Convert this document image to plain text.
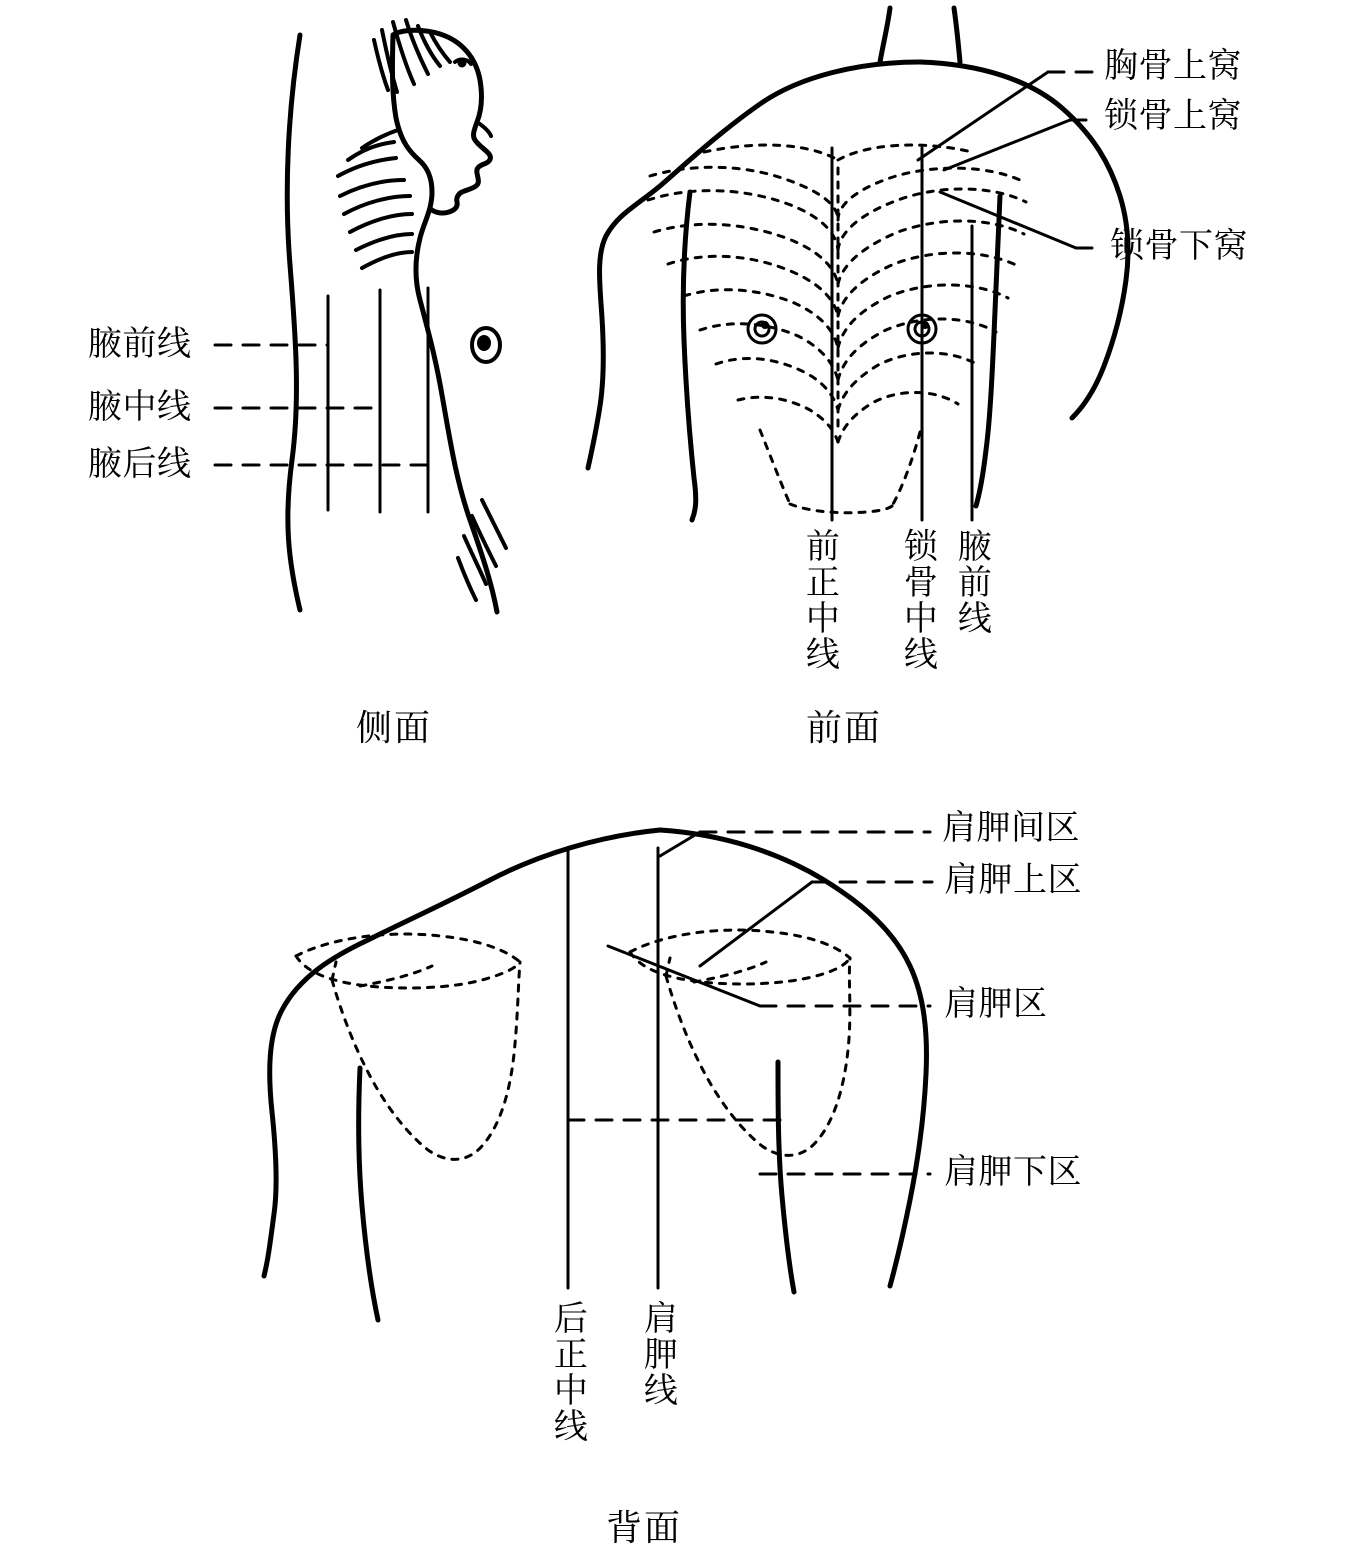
腋前线
腋中线
腋后线
侧面
胸骨上窝
锁骨上窝
锁骨下窝
前正中线 锁骨中线 腋前线
前面
肩胛间区
肩胛上区
肩胛区
肩胛下区
后正中线 肩胛线
背面
